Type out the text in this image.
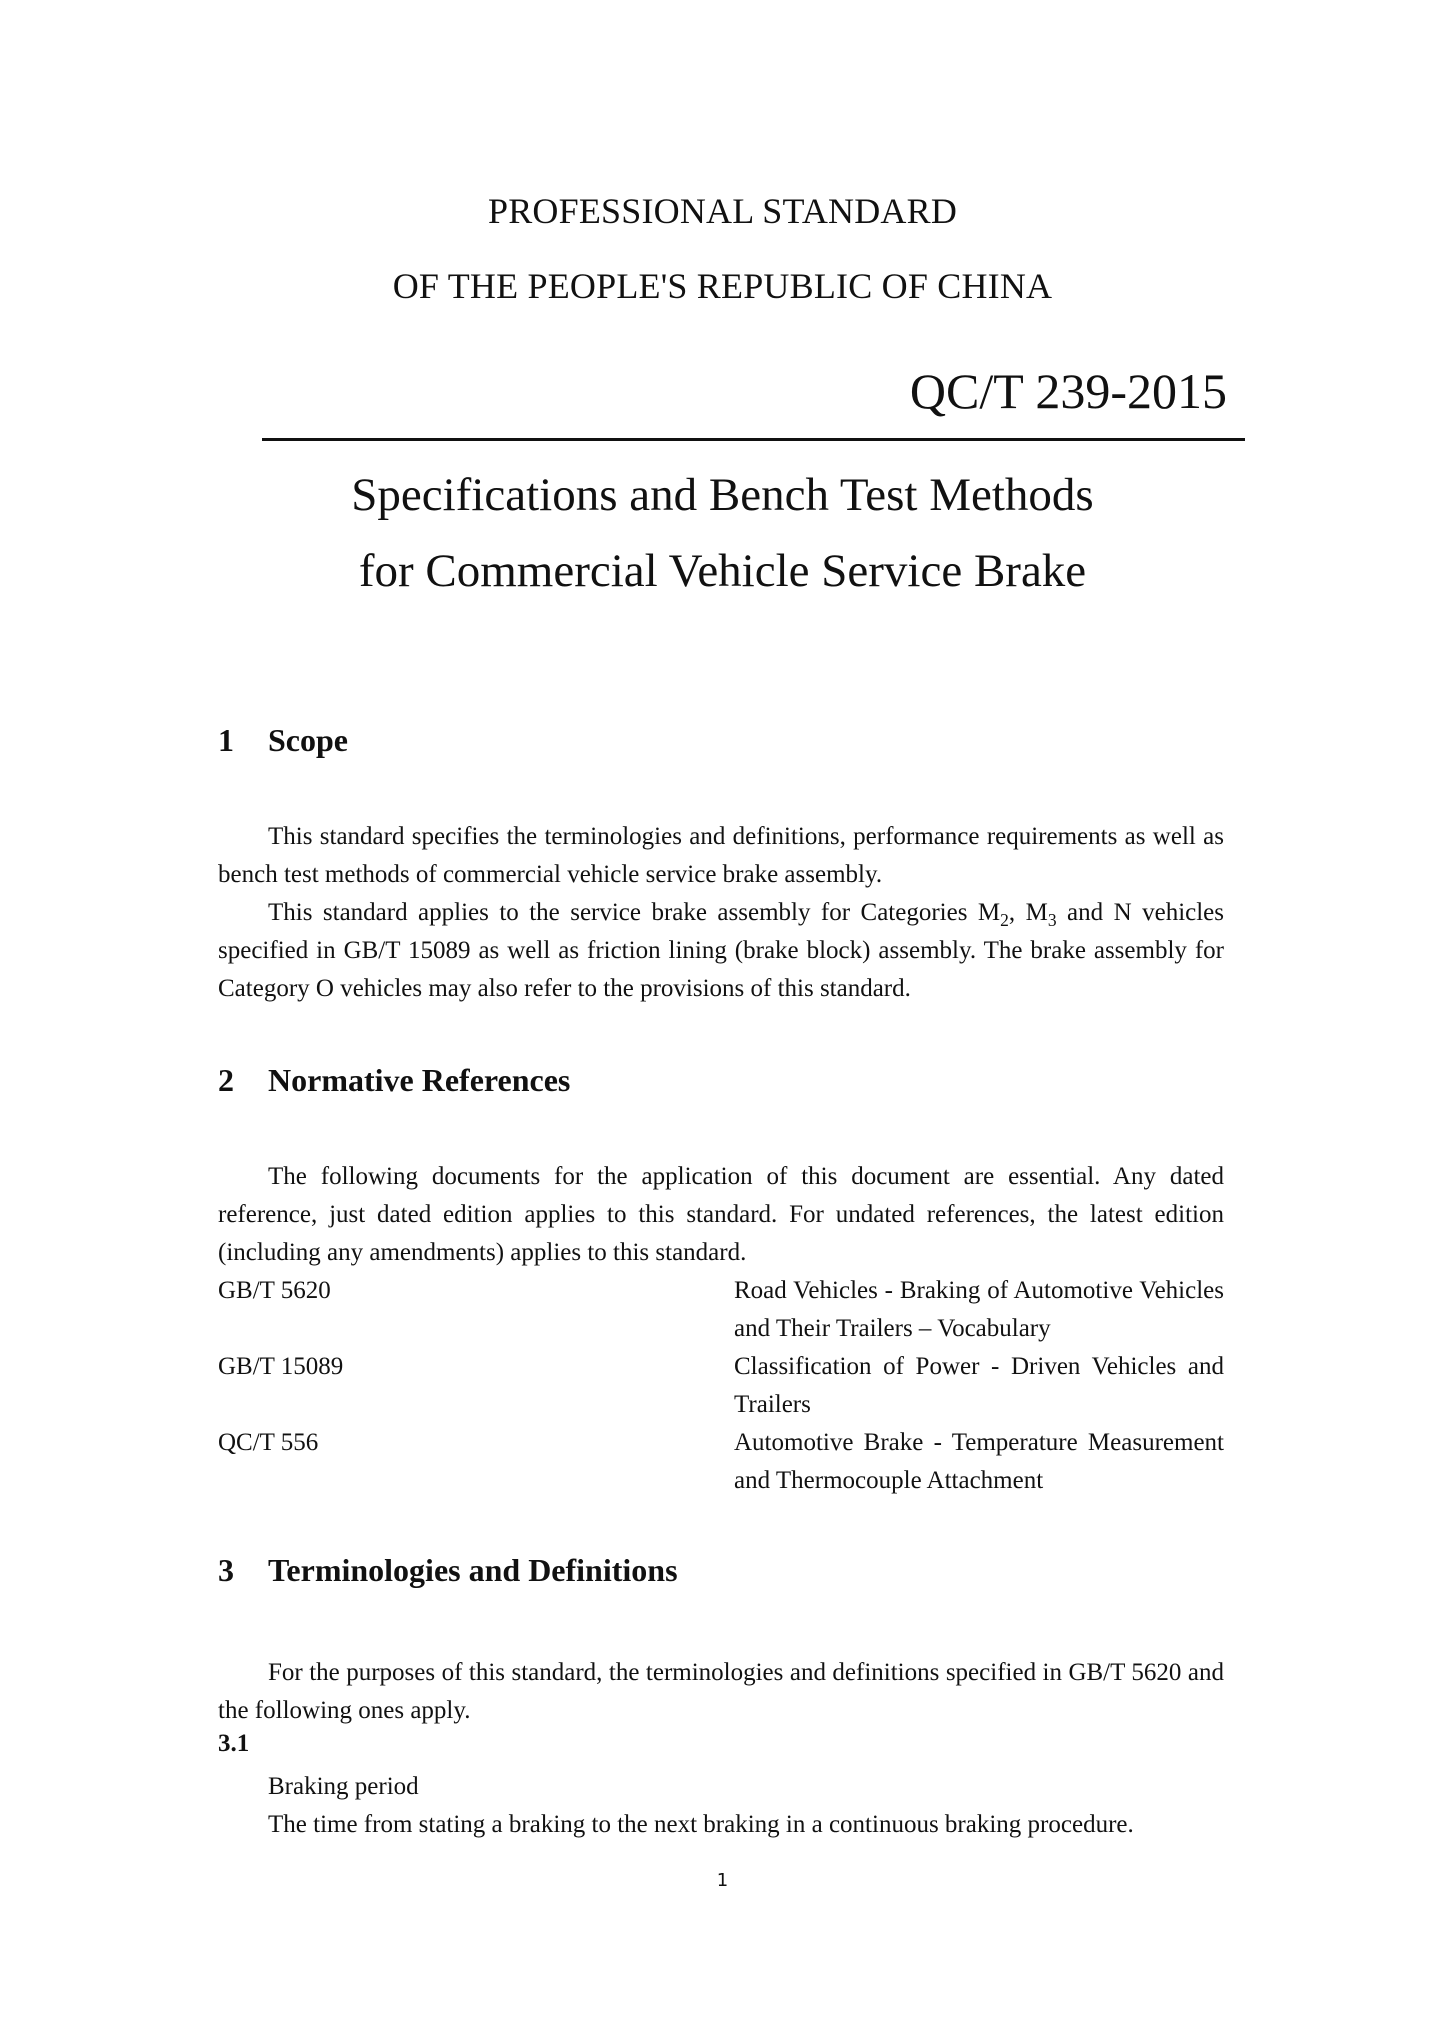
PROFESSIONAL STANDARD
OF THE PEOPLE'S REPUBLIC OF CHINA
QC/T 239-2015
Specifications and Bench Test Methods
for Commercial Vehicle Service Brake
1 Scope

This standard specifies the terminologies and definitions, performance requirements as well as bench test methods of commercial vehicle service brake assembly.

This standard applies to the service brake assembly for Categories $M_2$, $M_3$ and N vehicles specified in GB/T 15089 as well as friction lining (brake block) assembly. The brake assembly for Category O vehicles may also refer to the provisions of this standard.

2 Normative References

The following documents for the application of this document are essential. Any dated reference, just dated edition applies to this standard. For undated references, the latest edition (including any amendments) applies to this standard.

GB/T 5620	Road Vehicles - Braking of Automotive Vehicles and Their Trailers – Vocabulary
GB/T 15089	Classification of Power - Driven Vehicles and Trailers
QC/T 556	Automotive Brake - Temperature Measurement and Thermocouple Attachment
3 Terminologies and Definitions

For the purposes of this standard, the terminologies and definitions specified in GB/T 5620 and the following ones apply.

3.1
Braking period
The time from stating a braking to the next braking in a continuous braking procedure.
1
